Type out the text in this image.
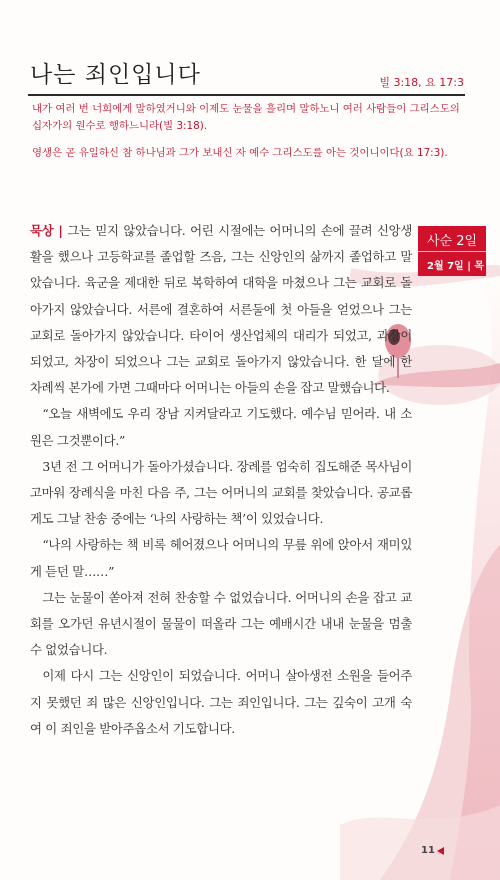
나는 죄인입니다	빌 3:18, 요 17:3

내가 여러 번 너희에게 말하였거니와 이제도 눈물을 흘리며 말하노니 여러 사람들이 그리스도의 십자가의 원수로 행하느니라(빌 3:18).

영생은 곧 유일하신 참 하나님과 그가 보내신 자 예수 그리스도를 아는 것이니이다(요 17:3).

사순 2일
2월 7일 | 목

묵상 | 그는 믿지 않았습니다. 어린 시절에는 어머니의 손에 끌려 신앙생활을 했으나 고등학교를 졸업할 즈음, 그는 신앙인의 삶까지 졸업하고 말았습니다. 육군을 제대한 뒤로 복학하여 대학을 마쳤으나 그는 교회로 돌아가지 않았습니다. 서른에 결혼하여 서른둘에 첫 아들을 얻었으나 그는 교회로 돌아가지 않았습니다. 타이어 생산업체의 대리가 되었고, 과장이 되었고, 차장이 되었으나 그는 교회로 돌아가지 않았습니다. 한 달에 한 차례씩 본가에 가면 그때마다 어머니는 아들의 손을 잡고 말했습니다.

“오늘 새벽에도 우리 장남 지켜달라고 기도했다. 예수님 믿어라. 내 소원은 그것뿐이다.”

3년 전 그 어머니가 돌아가셨습니다. 장례를 엄숙히 집도해준 목사님이 고마워 장례식을 마친 다음 주, 그는 어머니의 교회를 찾았습니다. 공교롭게도 그날 찬송 중에는 ‘나의 사랑하는 책’이 있었습니다.

“나의 사랑하는 책 비록 헤어졌으나 어머니의 무릎 위에 앉아서 재미있게 듣던 말……”

그는 눈물이 쏟아져 전혀 찬송할 수 없었습니다. 어머니의 손을 잡고 교회를 오가던 유년시절이 물물이 떠올라 그는 예배시간 내내 눈물을 멈출 수 없었습니다.

이제 다시 그는 신앙인이 되었습니다. 어머니 살아생전 소원을 들어주지 못했던 죄 많은 신앙인입니다. 그는 죄인입니다. 그는 깊숙이 고개 숙여 이 죄인을 받아주옵소서 기도합니다.

11
